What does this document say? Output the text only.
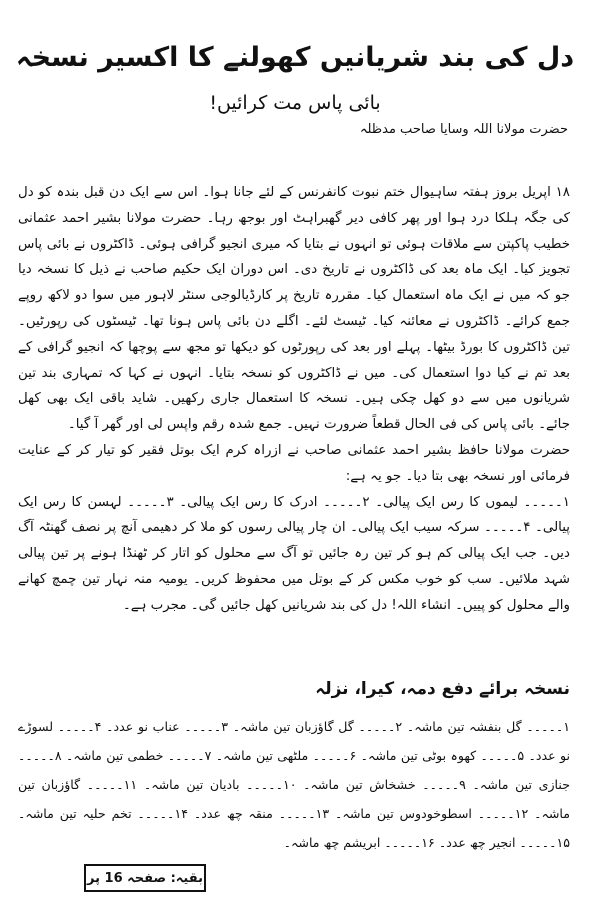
دل کی بند شریانیں کھولنے کا اکسیر نسخہ
بائی پاس مت کرائیں!
حضرت مولانا اللہ وسایا صاحب مدظلہ

۱۸ اپریل بروز ہفتہ ساہیوال ختم نبوت کانفرنس کے لئے جانا ہوا۔ اس سے ایک دن قبل بندہ کو دل کی جگہ ہلکا درد ہوا اور پھر کافی دیر گھبراہٹ اور بوجھ رہا۔ حضرت مولانا بشیر احمد عثمانی خطیب پاکپتن سے ملاقات ہوئی تو انہوں نے بتایا کہ میری انجیو گرافی ہوئی۔ ڈاکٹروں نے بائی پاس تجویز کیا۔ ایک ماہ بعد کی ڈاکٹروں نے تاریخ دی۔ اس دوران ایک حکیم صاحب نے ذیل کا نسخہ دیا جو کہ میں نے ایک ماہ استعمال کیا۔ مقررہ تاریخ پر کارڈیالوجی سنٹر لاہور میں سوا دو لاکھ روپے جمع کرائے۔ ڈاکٹروں نے معائنہ کیا۔ ٹیسٹ لئے۔ اگلے دن بائی پاس ہونا تھا۔ ٹیسٹوں کی رپورٹیں۔ تین ڈاکٹروں کا بورڈ بیٹھا۔ پہلے اور بعد کی رپورٹوں کو دیکھا تو مجھ سے پوچھا کہ انجیو گرافی کے بعد تم نے کیا دوا استعمال کی۔ میں نے ڈاکٹروں کو نسخہ بتایا۔ انہوں نے کہا کہ تمہاری بند تین شریانوں میں سے دو کھل چکی ہیں۔ نسخہ کا استعمال جاری رکھیں۔ شاید باقی ایک بھی کھل جائے۔ بائی پاس کی فی الحال قطعاً ضرورت نہیں۔ جمع شدہ رقم واپس لی اور گھر آ گیا۔

حضرت مولانا حافظ بشیر احمد عثمانی صاحب نے ازراہ کرم ایک بوتل فقیر کو تیار کر کے عنایت فرمائی اور نسخہ بھی بتا دیا۔ جو یہ ہے:

۱۔۔۔۔۔ لیموں کا رس ایک پیالی۔ ۲۔۔۔۔۔ ادرک کا رس ایک پیالی۔ ۳۔۔۔۔۔ لہسن کا رس ایک پیالی۔ ۴۔۔۔۔۔ سرکہ سیب ایک پیالی۔ ان چار پیالی رسوں کو ملا کر دھیمی آنچ پر نصف گھنٹہ آگ دیں۔ جب ایک پیالی کم ہو کر تین رہ جائیں تو آگ سے محلول کو اتار کر ٹھنڈا ہونے پر تین پیالی شہد ملائیں۔ سب کو خوب مکس کر کے بوتل میں محفوظ کریں۔ یومیہ منہ نہار تین چمچ کھانے والے محلول کو پییں۔ انشاء اللہ! دل کی بند شریانیں کھل جائیں گی۔ مجرب ہے۔

نسخہ برائے دفع دمہ، کیرا، نزلہ

۱۔۔۔۔۔ گل بنفشہ تین ماشہ۔ ۲۔۔۔۔۔ گل گاؤزبان تین ماشہ۔ ۳۔۔۔۔۔ عناب نو عدد۔ ۴۔۔۔۔۔ لسوڑے نو عدد۔ ۵۔۔۔۔۔ کھوہ بوٹی تین ماشہ۔ ۶۔۔۔۔۔ ملٹھی تین ماشہ۔ ۷۔۔۔۔۔ خطمی تین ماشہ۔ ۸۔۔۔۔۔ جنازی تین ماشہ۔ ۹۔۔۔۔۔ خشخاش تین ماشہ۔ ۱۰۔۔۔۔۔ بادیان تین ماشہ۔ ۱۱۔۔۔۔۔ گاؤزبان تین ماشہ۔ ۱۲۔۔۔۔۔ اسطوخودوس تین ماشہ۔ ۱۳۔۔۔۔۔ منقہ چھ عدد۔ ۱۴۔۔۔۔۔ تخم حلیہ تین ماشہ۔ ۱۵۔۔۔۔۔ انجیر چھ عدد۔ ۱۶۔۔۔۔۔ ابریشم چھ ماشہ۔

بقیہ: صفحہ 16 پر
